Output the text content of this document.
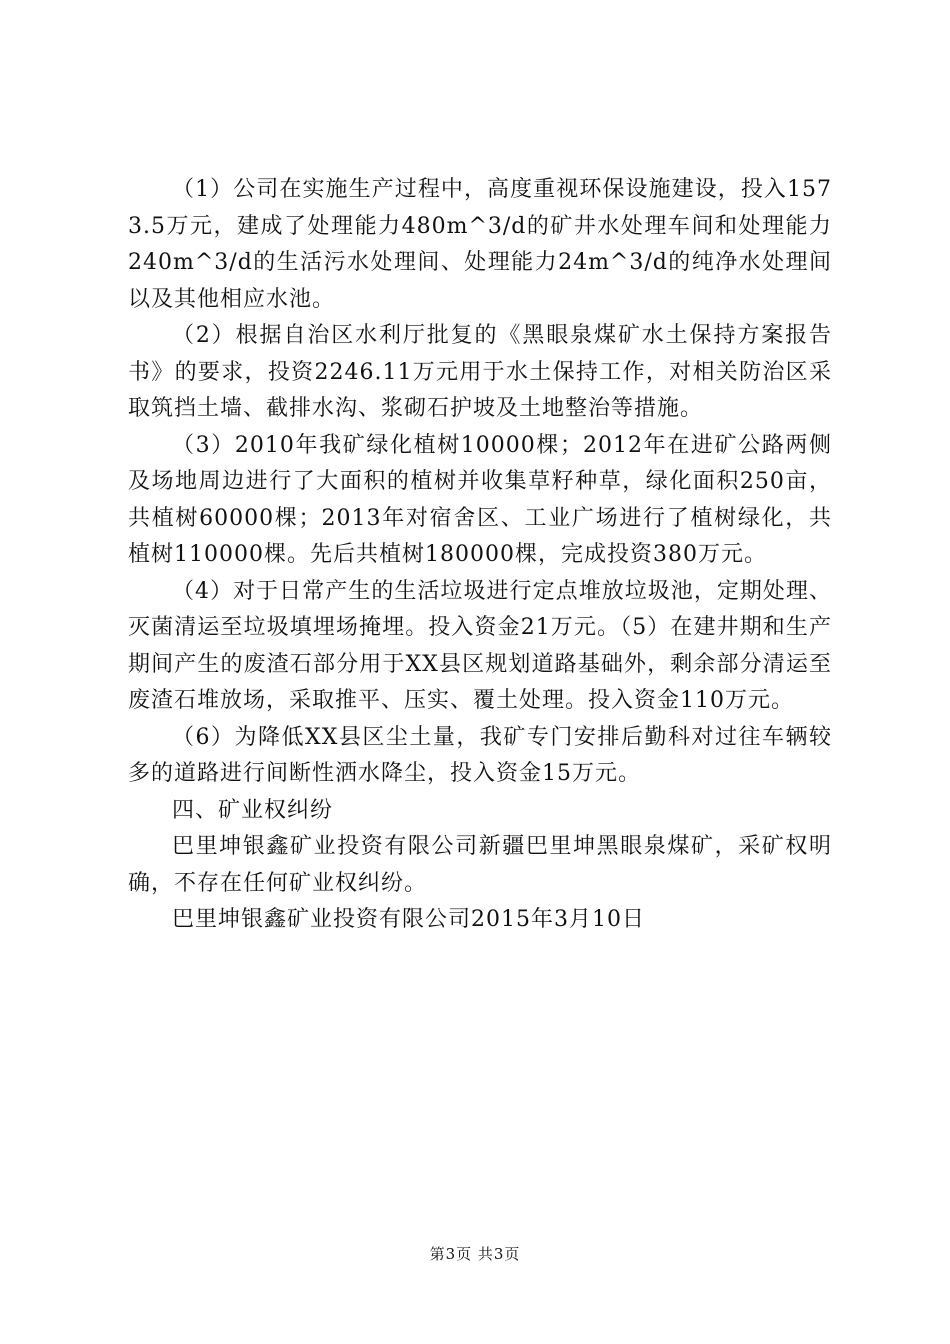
（1）公司在实施生产过程中，高度重视环保设施建设，投入1573.5万元，建成了处理能力480m^3/d的矿井水处理车间和处理能力240m^3/d的生活污水处理间、处理能力24m^3/d的纯净水处理间以及其他相应水池。

（2）根据自治区水利厅批复的《黑眼泉煤矿水土保持方案报告书》的要求，投资2246.11万元用于水土保持工作，对相关防治区采取筑挡土墙、截排水沟、浆砌石护坡及土地整治等措施。

（3）2010年我矿绿化植树10000棵；2012年在进矿公路两侧及场地周边进行了大面积的植树并收集草籽种草，绿化面积250亩，共植树60000棵；2013年对宿舍区、工业广场进行了植树绿化，共植树110000棵。先后共植树180000棵，完成投资380万元。

（4）对于日常产生的生活垃圾进行定点堆放垃圾池，定期处理、灭菌清运至垃圾填埋场掩埋。投入资金21万元。（5）在建井期和生产期间产生的废渣石部分用于XX县区规划道路基础外，剩余部分清运至废渣石堆放场，采取推平、压实、覆土处理。投入资金110万元。

（6）为降低XX县区尘土量，我矿专门安排后勤科对过往车辆较多的道路进行间断性洒水降尘，投入资金15万元。

四、矿业权纠纷

巴里坤银鑫矿业投资有限公司新疆巴里坤黑眼泉煤矿，采矿权明确，不存在任何矿业权纠纷。

巴里坤银鑫矿业投资有限公司2015年3月10日

第3页 共3页
